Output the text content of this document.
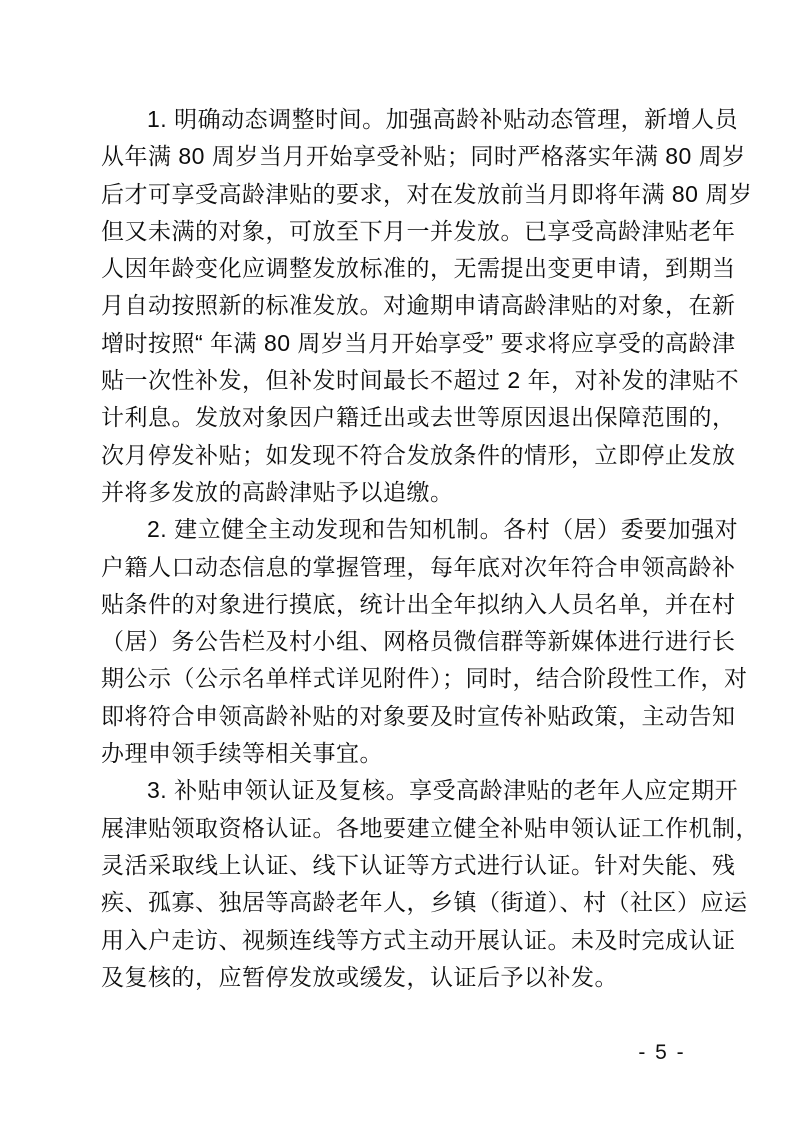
1. 明确动态调整时间。加强高龄补贴动态管理，新增人员
从年满 80 周岁当月开始享受补贴；同时严格落实年满 80 周岁
后才可享受高龄津贴的要求，对在发放前当月即将年满 80 周岁
但又未满的对象，可放至下月一并发放。已享受高龄津贴老年
人因年龄变化应调整发放标准的，无需提出变更申请，到期当
月自动按照新的标准发放。对逾期申请高龄津贴的对象，在新
增时按照“ 年满 80 周岁当月开始享受” 要求将应享受的高龄津
贴一次性补发，但补发时间最长不超过 2 年，对补发的津贴不
计利息。发放对象因户籍迁出或去世等原因退出保障范围的，
次月停发补贴；如发现不符合发放条件的情形，立即停止发放
并将多发放的高龄津贴予以追缴。
2. 建立健全主动发现和告知机制。各村（居）委要加强对
户籍人口动态信息的掌握管理，每年底对次年符合申领高龄补
贴条件的对象进行摸底，统计出全年拟纳入人员名单，并在村
（居）务公告栏及村小组、网格员微信群等新媒体进行进行长
期公示（公示名单样式详见附件）；同时，结合阶段性工作，对
即将符合申领高龄补贴的对象要及时宣传补贴政策，主动告知
办理申领手续等相关事宜。
3. 补贴申领认证及复核。享受高龄津贴的老年人应定期开
展津贴领取资格认证。各地要建立健全补贴申领认证工作机制，
灵活采取线上认证、线下认证等方式进行认证。针对失能、残
疾、孤寡、独居等高龄老年人，乡镇（街道）、村（社区）应运
用入户走访、视频连线等方式主动开展认证。未及时完成认证
及复核的，应暂停发放或缓发，认证后予以补发。
- 5 -
